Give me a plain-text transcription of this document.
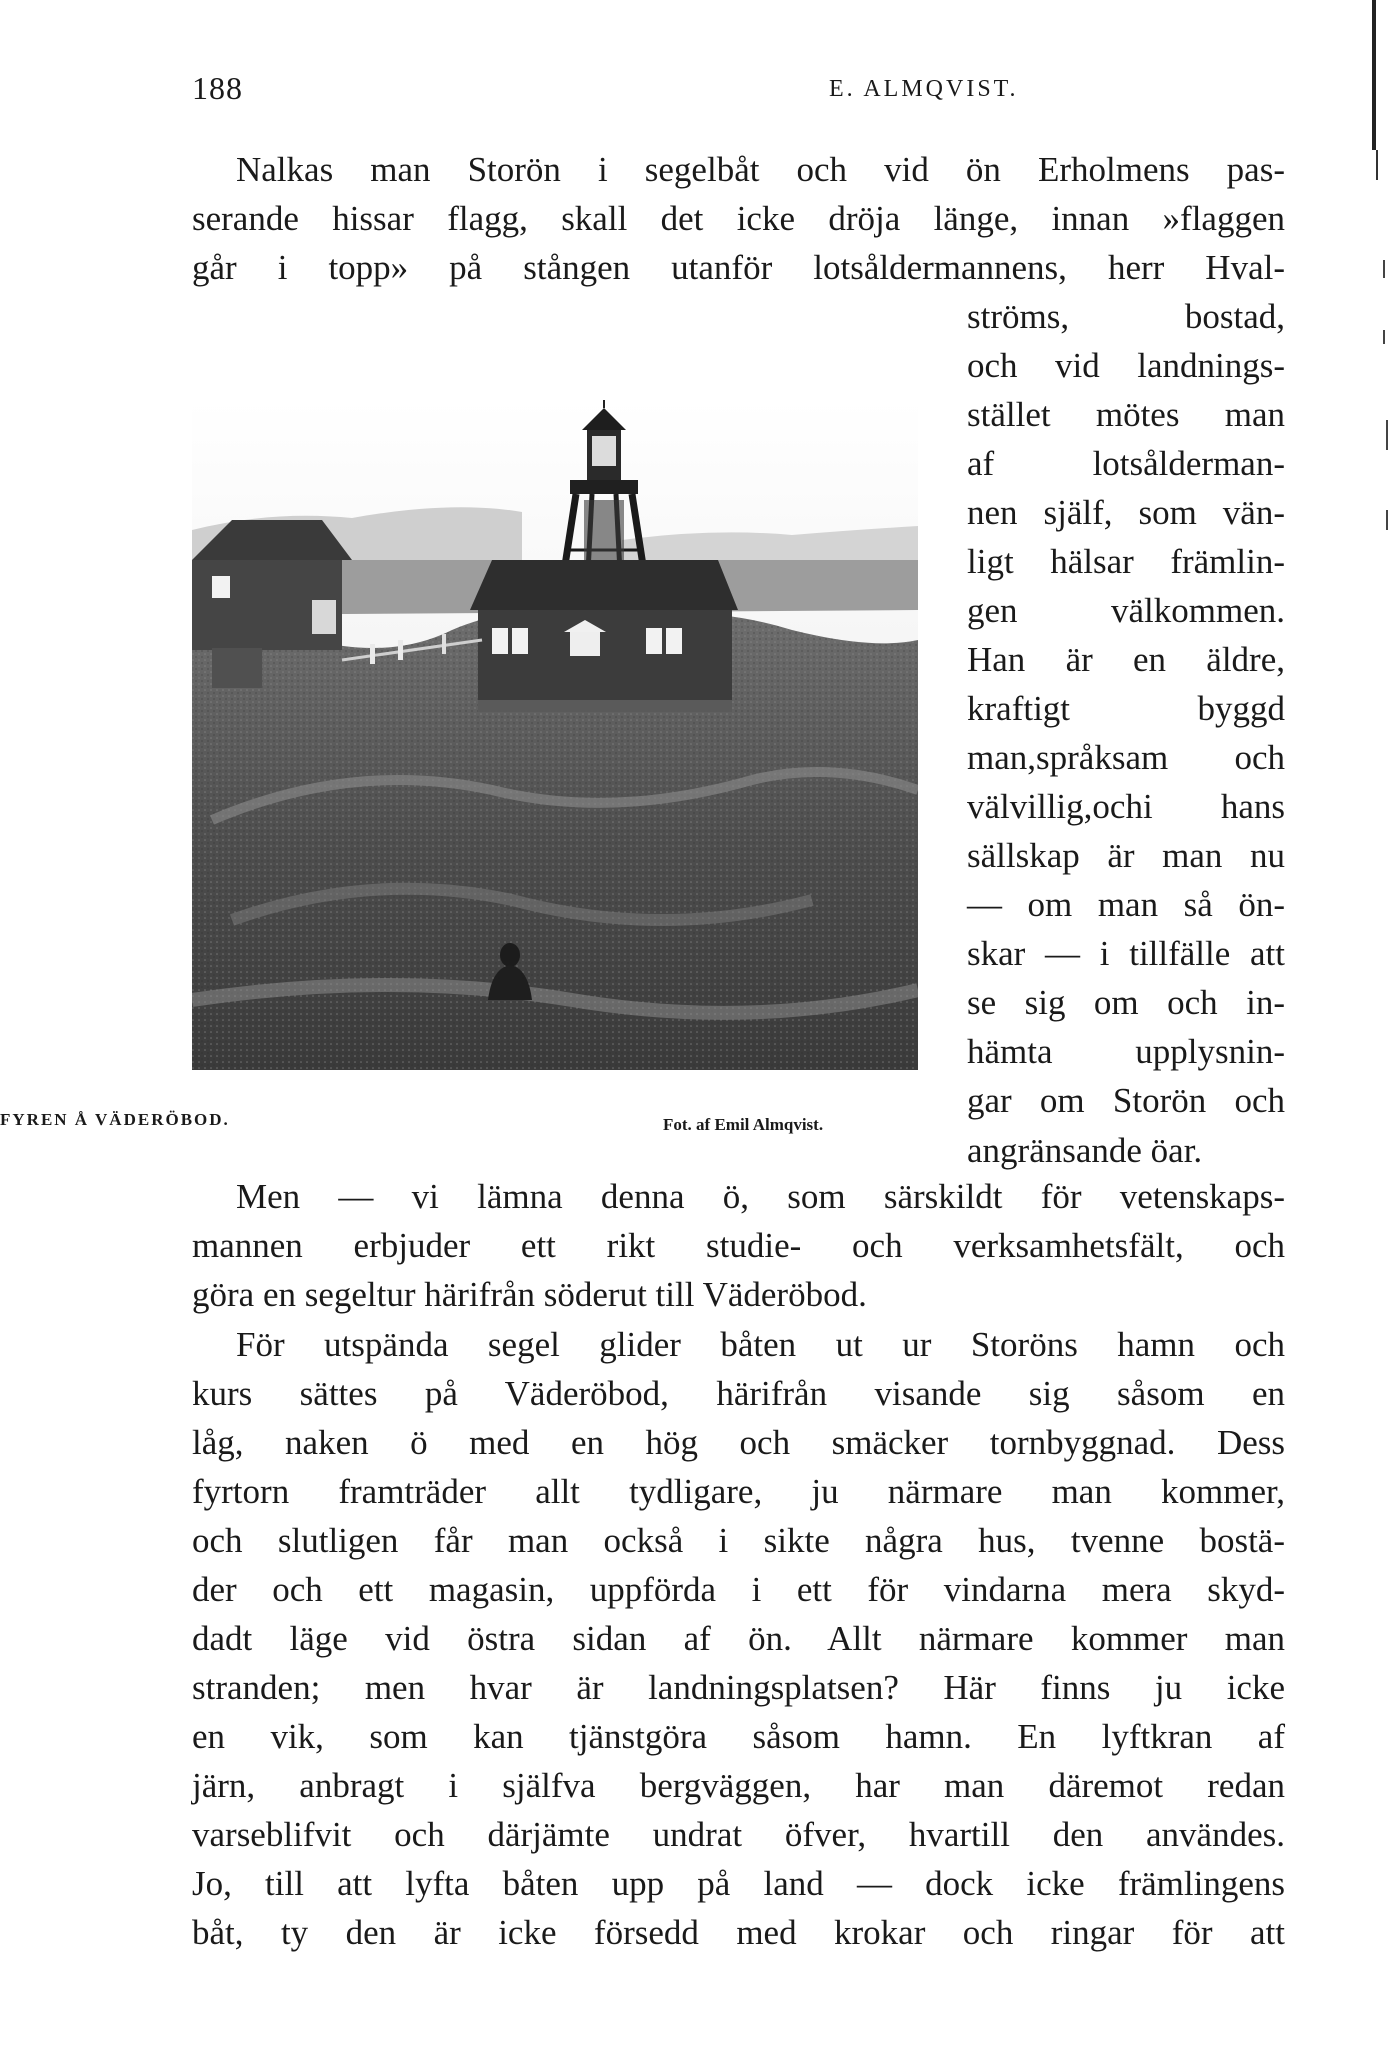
188	E. ALMQVIST.

Nalkas man Storön i segelbåt och vid ön Erholmens pas-

serande hissar flagg, skall det icke dröja länge, innan »flaggen

går i topp» på stången utanför lotsåldermannens, herr Hval-

ströms, bostad,

och vid landnings-

stället mötes man

af lotsålderman-

nen själf, som vän-

ligt hälsar främlin-

gen välkommen.

Han är en äldre,

kraftigt byggd

man,språksam och

välvillig,ochi hans

sällskap är man nu

— om man så ön-

skar — i tillfälle att

se sig om och in-

hämta upplysnin-

gar om Storön och

angränsande öar.

FYREN Å VÄDERÖBOD.	Fot. af Emil Almqvist.

Men — vi lämna denna ö, som särskildt för vetenskaps-

mannen erbjuder ett rikt studie- och verksamhetsfält, och

göra en segeltur härifrån söderut till Väderöbod.

För utspända segel glider båten ut ur Storöns hamn och

kurs sättes på Väderöbod, härifrån visande sig såsom en

låg, naken ö med en hög och smäcker tornbyggnad. Dess

fyrtorn framträder allt tydligare, ju närmare man kommer,

och slutligen får man också i sikte några hus, tvenne bostä-

der och ett magasin, uppförda i ett för vindarna mera skyd-

dadt läge vid östra sidan af ön. Allt närmare kommer man

stranden; men hvar är landningsplatsen? Här finns ju icke

en vik, som kan tjänstgöra såsom hamn. En lyftkran af

järn, anbragt i själfva bergväggen, har man däremot redan

varseblifvit och därjämte undrat öfver, hvartill den användes.

Jo, till att lyfta båten upp på land — dock icke främlingens

båt, ty den är icke försedd med krokar och ringar för att
